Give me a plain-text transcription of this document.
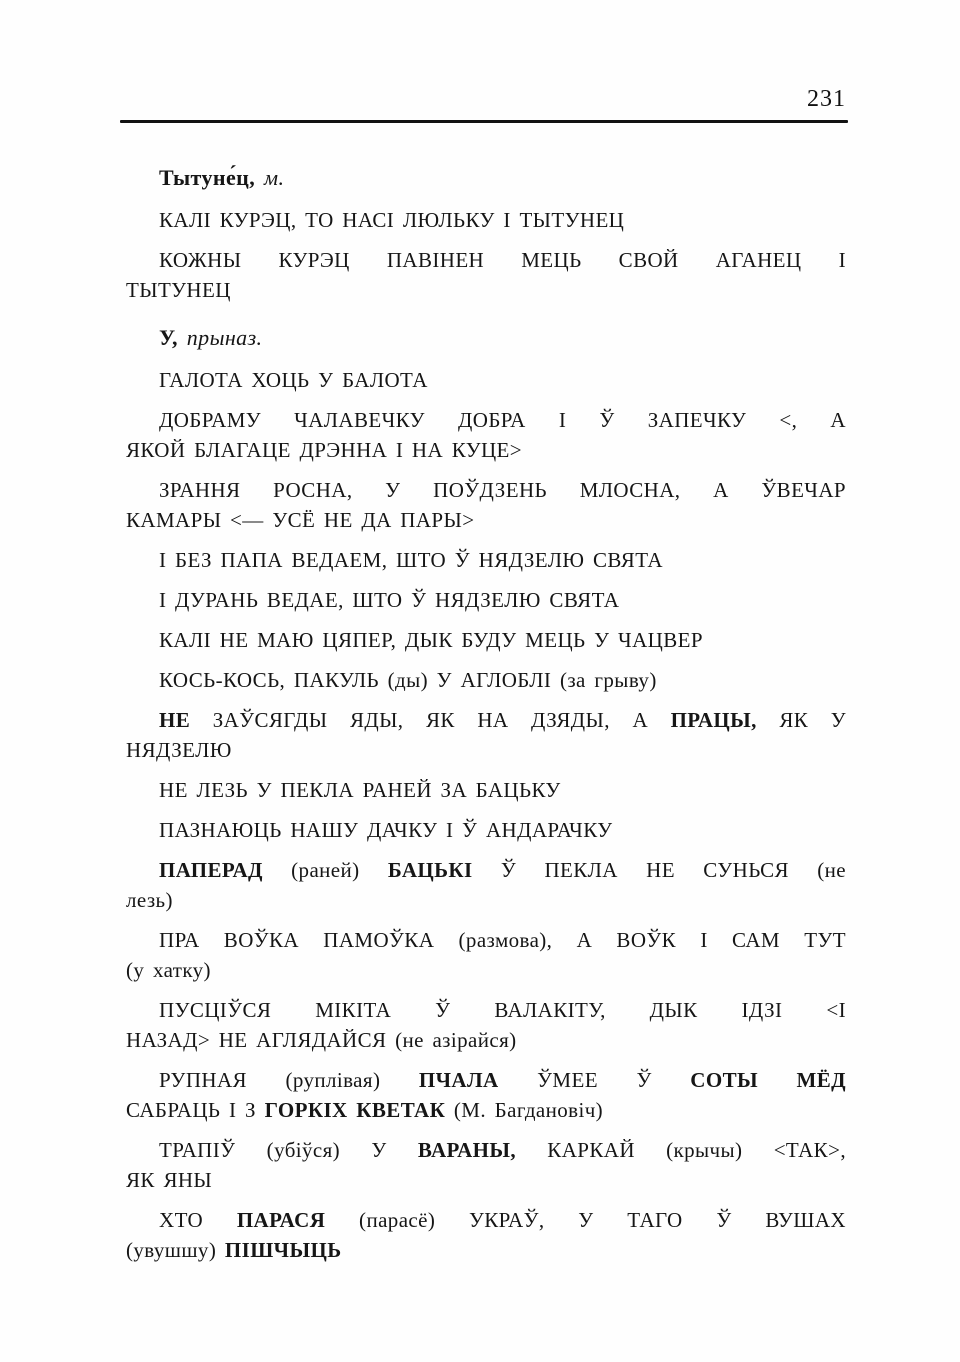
231
Тытуне́ц, м.
КАЛІ КУРЭЦ, ТО НАСІ ЛЮЛЬКУ І ТЫТУНЕЦ
КОЖНЫ КУРЭЦ ПАВІНЕН МЕЦЬ СВОЙ АГАНЕЦ І
ТЫТУНЕЦ
У, прыназ.
ГАЛОТА ХОЦЬ У БАЛОТА
ДОБРАМУ ЧАЛАВЕЧКУ ДОБРА І Ў ЗАПЕЧКУ <, А
ЯКОЙ БЛАГАЦЕ ДРЭННА І НА КУЦЕ>
ЗРАННЯ РОСНА, У ПОЎДЗЕНЬ МЛОСНА, А ЎВЕЧАР
КАМАРЫ <— УСЁ НЕ ДА ПАРЫ>
І БЕЗ ПАПА ВЕДАЕМ, ШТО Ў НЯДЗЕЛЮ СВЯТА
І ДУРАНЬ ВЕДАЕ, ШТО Ў НЯДЗЕЛЮ СВЯТА
КАЛІ НЕ МАЮ ЦЯПЕР, ДЫК БУДУ МЕЦЬ У ЧАЦВЕР
КОСЬ-КОСЬ, ПАКУЛЬ (ды) У АГЛОБЛІ (за грыву)
НЕ ЗАЎСЯГДЫ ЯДЫ, ЯК НА ДЗЯДЫ, А ПРАЦЫ, ЯК У
НЯДЗЕЛЮ
НЕ ЛЕЗЬ У ПЕКЛА РАНЕЙ ЗА БАЦЬКУ
ПАЗНАЮЦЬ НАШУ ДАЧКУ І Ў АНДАРАЧКУ
ПАПЕРАД (раней) БАЦЬКІ Ў ПЕКЛА НЕ СУНЬСЯ (не
лезь)
ПРА ВОЎКА ПАМОЎКА (размова), А ВОЎК І САМ ТУТ
(у хатку)
ПУСЦІЎСЯ МІКІТА Ў ВАЛАКІТУ, ДЫК ІДЗІ <І
НАЗАД> НЕ АГЛЯДАЙСЯ (не азірайся)
РУПНАЯ (руплівая) ПЧАЛА ЎМЕЕ Ў СОТЫ МЁД
САБРАЦЬ І З ГОРКІХ КВЕТАК (М. Багдановіч)
ТРАПІЎ (убіўся) У ВАРАНЫ, КАРКАЙ (крычы) <ТАК>,
ЯК ЯНЫ
ХТО ПАРАСЯ (парасё) УКРАЎ, У ТАГО Ў ВУШАХ
(увушшу) ПІШЧЫЦЬ
